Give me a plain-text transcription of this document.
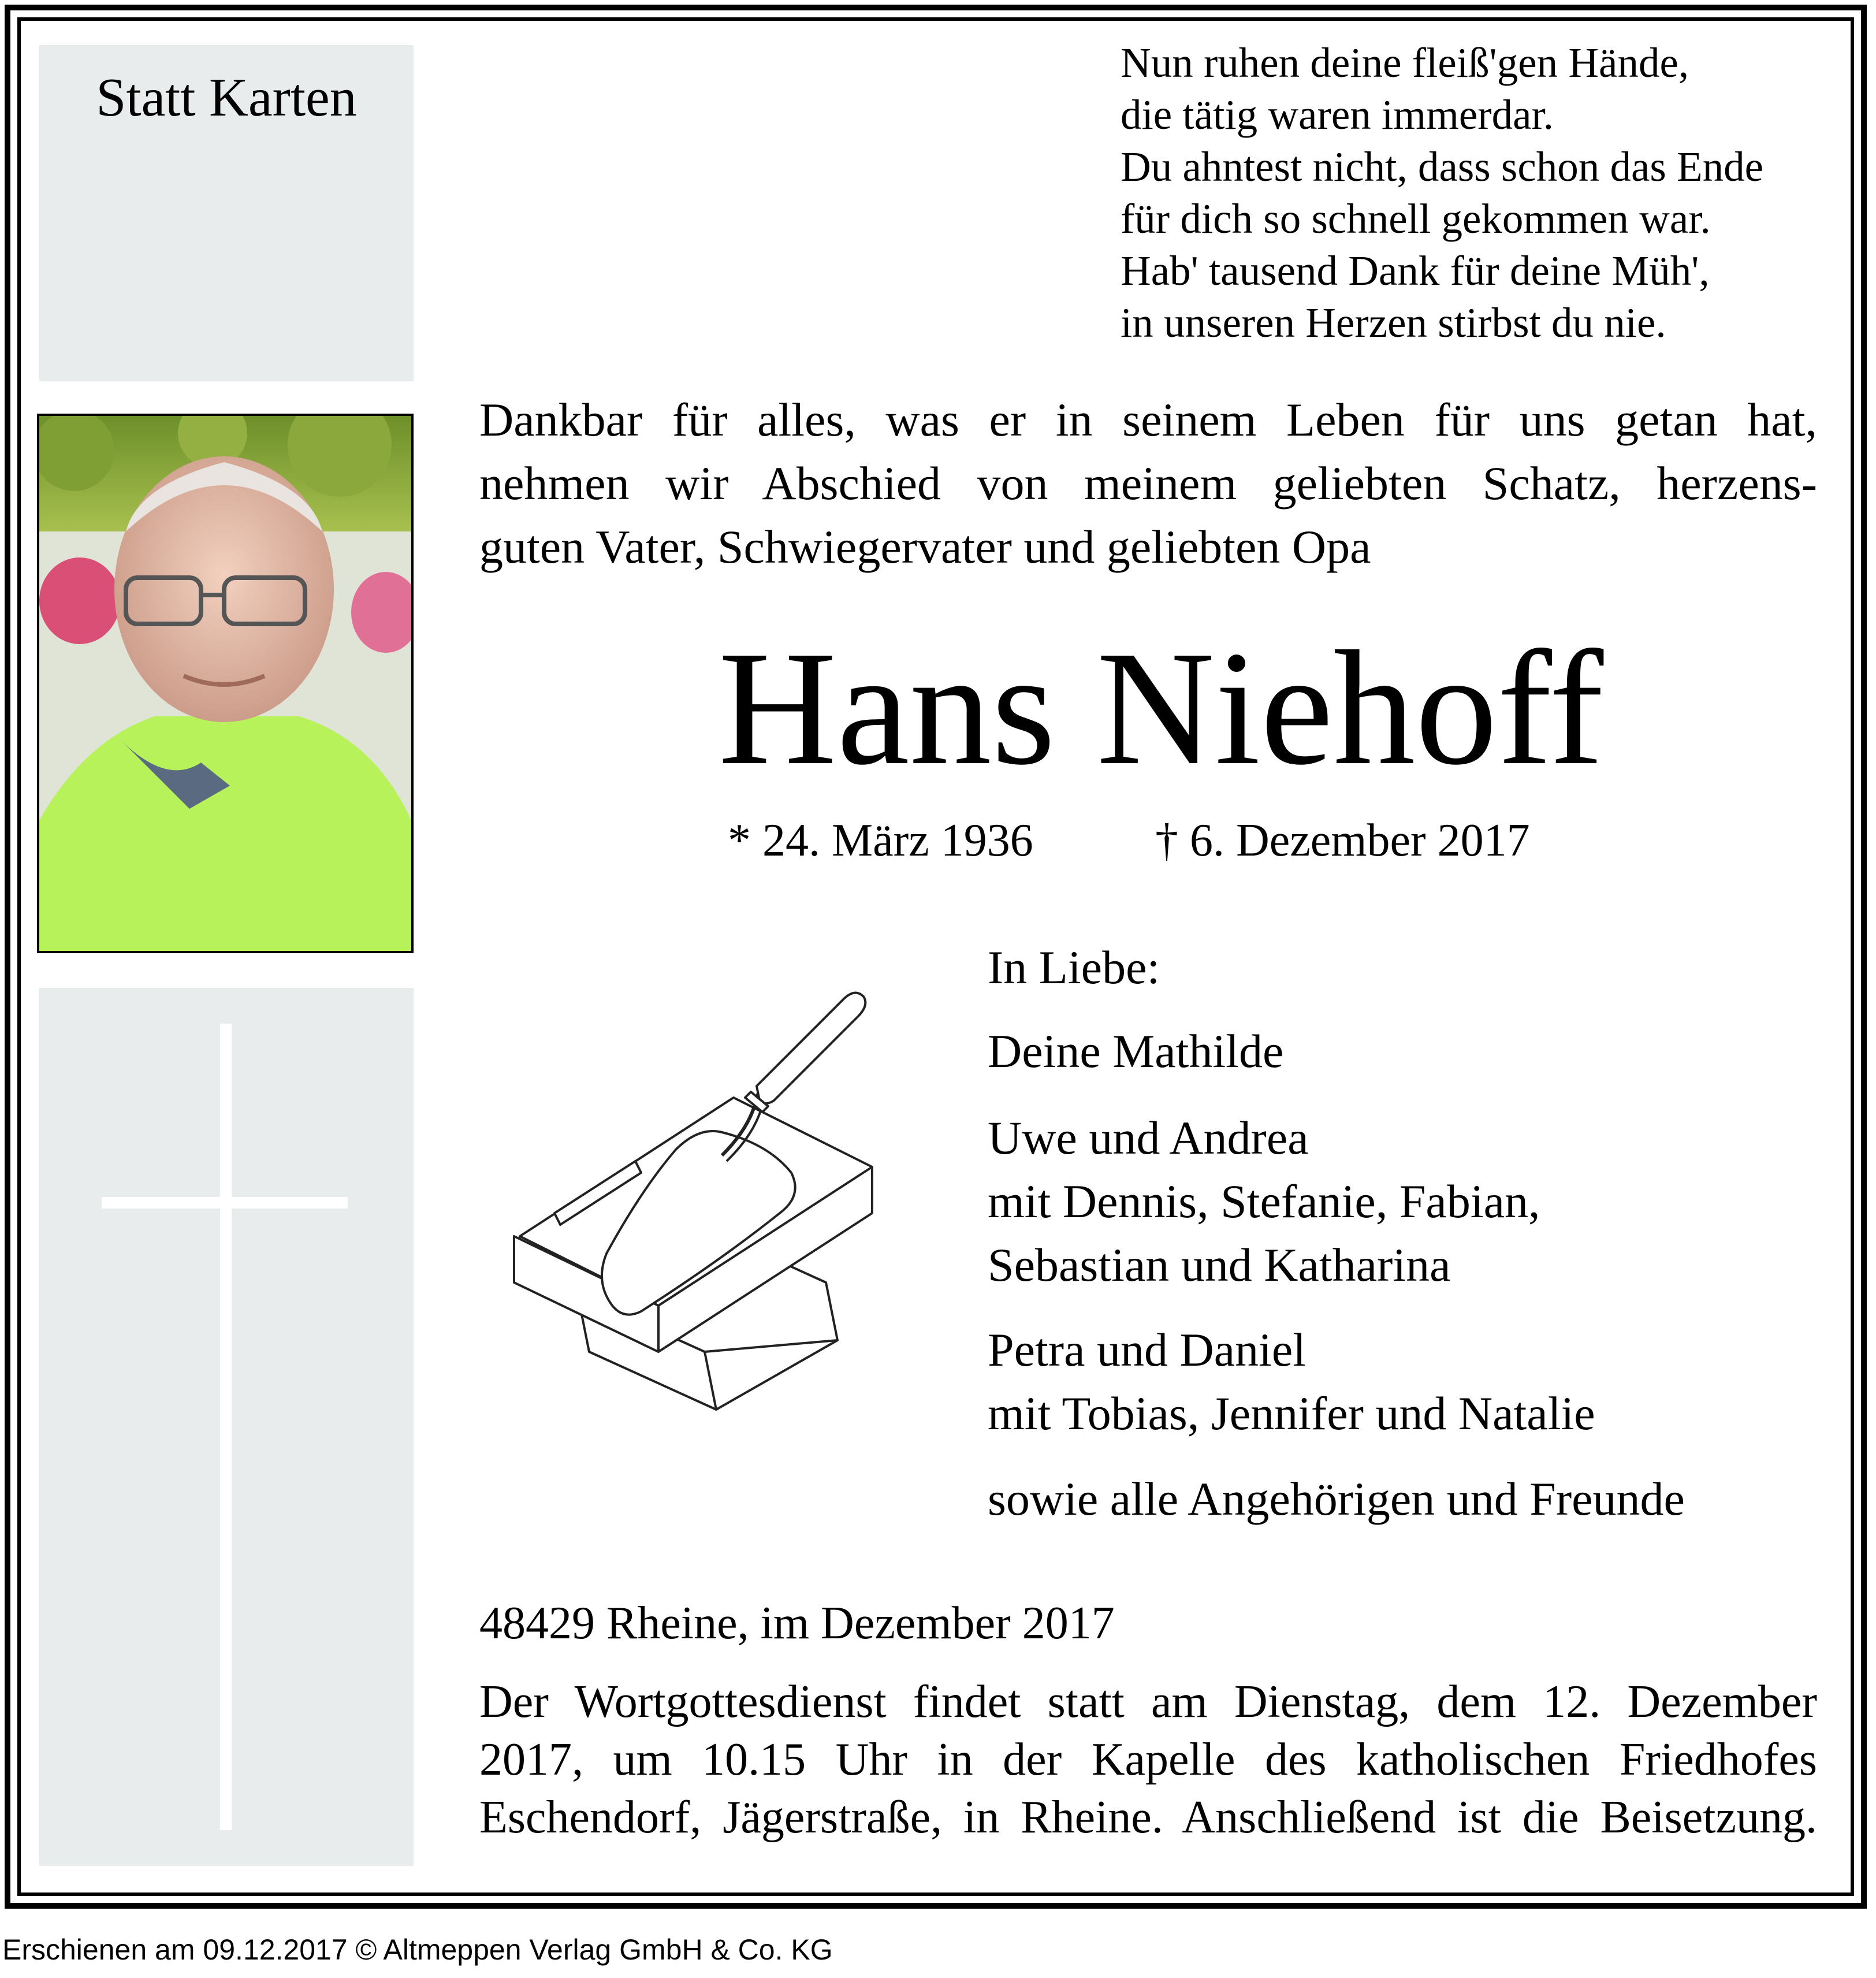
Statt Karten
Nun ruhen deine fleiß'gen Hände,
die tätig waren immerdar.
Du ahntest nicht, dass schon das Ende
für dich so schnell gekommen war.
Hab' tausend Dank für deine Müh',
in unseren Herzen stirbst du nie.
Dankbar für alles, was er in seinem Leben für uns getan hat,
nehmen wir Abschied von meinem geliebten Schatz, herzens-
guten Vater, Schwiegervater und geliebten Opa
Hans Niehoff
* 24. März 1936	† 6. Dezember 2017
In Liebe:
Deine Mathilde
Uwe und Andrea
mit Dennis, Stefanie, Fabian,
Sebastian und Katharina
Petra und Daniel
mit Tobias, Jennifer und Natalie
sowie alle Angehörigen und Freunde
48429 Rheine, im Dezember 2017
Der Wortgottesdienst findet statt am Dienstag, dem 12. Dezember
2017, um 10.15 Uhr in der Kapelle des katholischen Friedhofes
Eschendorf, Jägerstraße, in Rheine. Anschließend ist die Beisetzung.
Erschienen am 09.12.2017 © Altmeppen Verlag GmbH & Co. KG
